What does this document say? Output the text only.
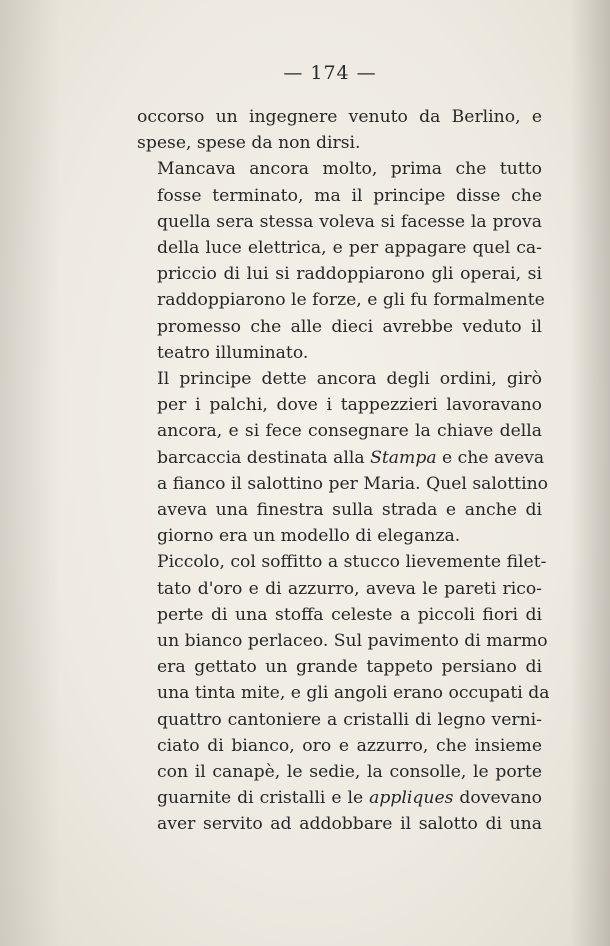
— 174 —
occorso un ingegnere venuto da Berlino, e
spese, spese da non dirsi.
Mancava ancora molto, prima che tutto
fosse terminato, ma il principe disse che
quella sera stessa voleva si facesse la prova
della luce elettrica, e per appagare quel ca-
priccio di lui si raddoppiarono gli operai, si
raddoppiarono le forze, e gli fu formalmente
promesso che alle dieci avrebbe veduto il
teatro illuminato.
Il principe dette ancora degli ordini, girò
per i palchi, dove i tappezzieri lavoravano
ancora, e si fece consegnare la chiave della
barcaccia destinata alla Stampa e che aveva
a fianco il salottino per Maria. Quel salottino
aveva una finestra sulla strada e anche di
giorno era un modello di eleganza.
Piccolo, col soffitto a stucco lievemente filet-
tato d'oro e di azzurro, aveva le pareti rico-
perte di una stoffa celeste a piccoli fiori di
un bianco perlaceo. Sul pavimento di marmo
era gettato un grande tappeto persiano di
una tinta mite, e gli angoli erano occupati da
quattro cantoniere a cristalli di legno verni-
ciato di bianco, oro e azzurro, che insieme
con il canapè, le sedie, la consolle, le porte
guarnite di cristalli e le appliques dovevano
aver servito ad addobbare il salotto di una
